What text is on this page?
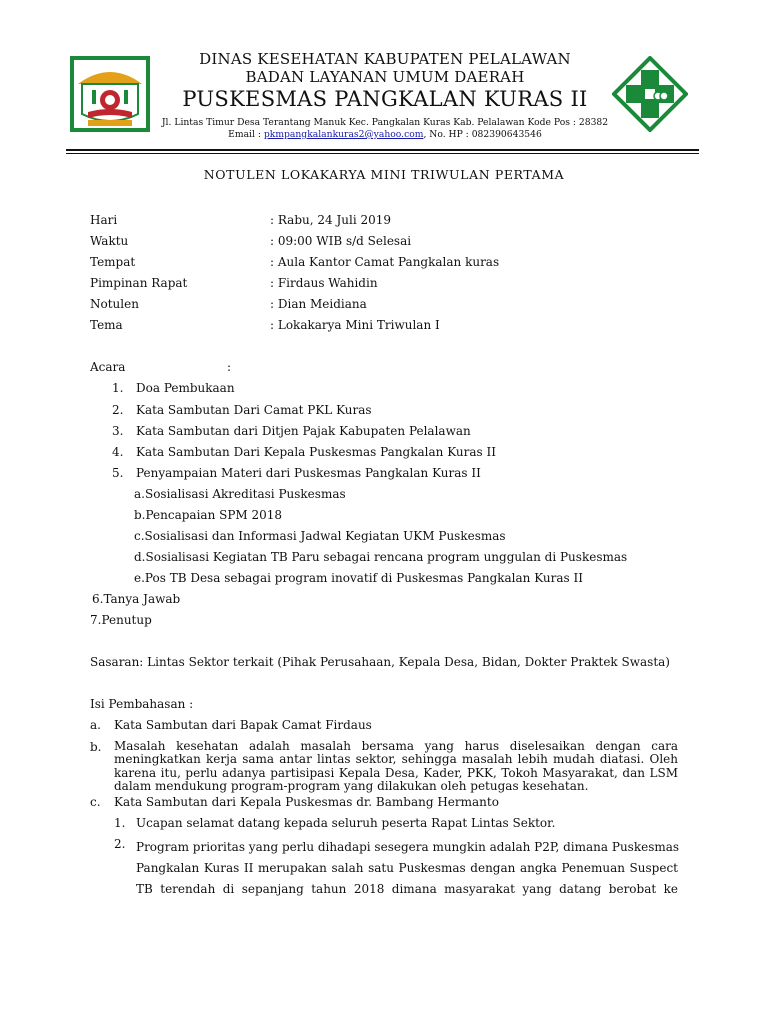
DINAS KESEHATAN KABUPATEN PELALAWAN
BADAN LAYANAN UMUM DAERAH
PUSKESMAS PANGKALAN KURAS II
Jl. Lintas Timur Desa Terantang Manuk Kec. Pangkalan Kuras Kab. Pelalawan Kode Pos : 28382
Email : pkmpangkalankuras2@yahoo.com, No. HP : 082390643546
NOTULEN LOKAKARYA MINI TRIWULAN PERTAMA
Hari	: Rabu, 24 Juli 2019
Waktu	: 09:00 WIB s/d Selesai
Tempat	: Aula Kantor Camat Pangkalan kuras
Pimpinan Rapat	: Firdaus Wahidin
Notulen	: Dian Meidiana
Tema	: Lokakarya Mini Triwulan I
Acara	:
1. Doa Pembukaan
2. Kata Sambutan Dari Camat PKL Kuras
3. Kata Sambutan dari Ditjen Pajak Kabupaten Pelalawan
4. Kata Sambutan Dari Kepala Puskesmas Pangkalan Kuras II
5. Penyampaian Materi dari Puskesmas Pangkalan Kuras II
a.Sosialisasi Akreditasi Puskesmas
b.Pencapaian SPM 2018
c.Sosialisasi dan Informasi Jadwal Kegiatan UKM Puskesmas
d.Sosialisasi Kegiatan TB Paru sebagai rencana program unggulan di Puskesmas
e.Pos TB Desa sebagai program inovatif di Puskesmas Pangkalan Kuras II
6.Tanya Jawab
7.Penutup
Sasaran: Lintas Sektor terkait (Pihak Perusahaan, Kepala Desa, Bidan, Dokter Praktek Swasta)
Isi Pembahasan :
a. Kata Sambutan dari Bapak Camat Firdaus
b. Masalah kesehatan adalah masalah bersama yang harus diselesaikan dengan cara
meningkatkan kerja sama antar lintas sektor, sehingga masalah lebih mudah diatasi. Oleh
karena itu, perlu adanya partisipasi Kepala Desa, Kader, PKK, Tokoh Masyarakat, dan LSM
dalam mendukung program-program yang dilakukan oleh petugas kesehatan.
c. Kata Sambutan dari Kepala Puskesmas dr. Bambang Hermanto
1. Ucapan selamat datang kepada seluruh peserta Rapat Lintas Sektor.
2. Program prioritas yang perlu dihadapi sesegera mungkin adalah P2P, dimana Puskesmas
Pangkalan Kuras II merupakan salah satu Puskesmas dengan angka Penemuan Suspect
TB terendah di sepanjang tahun 2018 dimana masyarakat yang datang berobat ke
